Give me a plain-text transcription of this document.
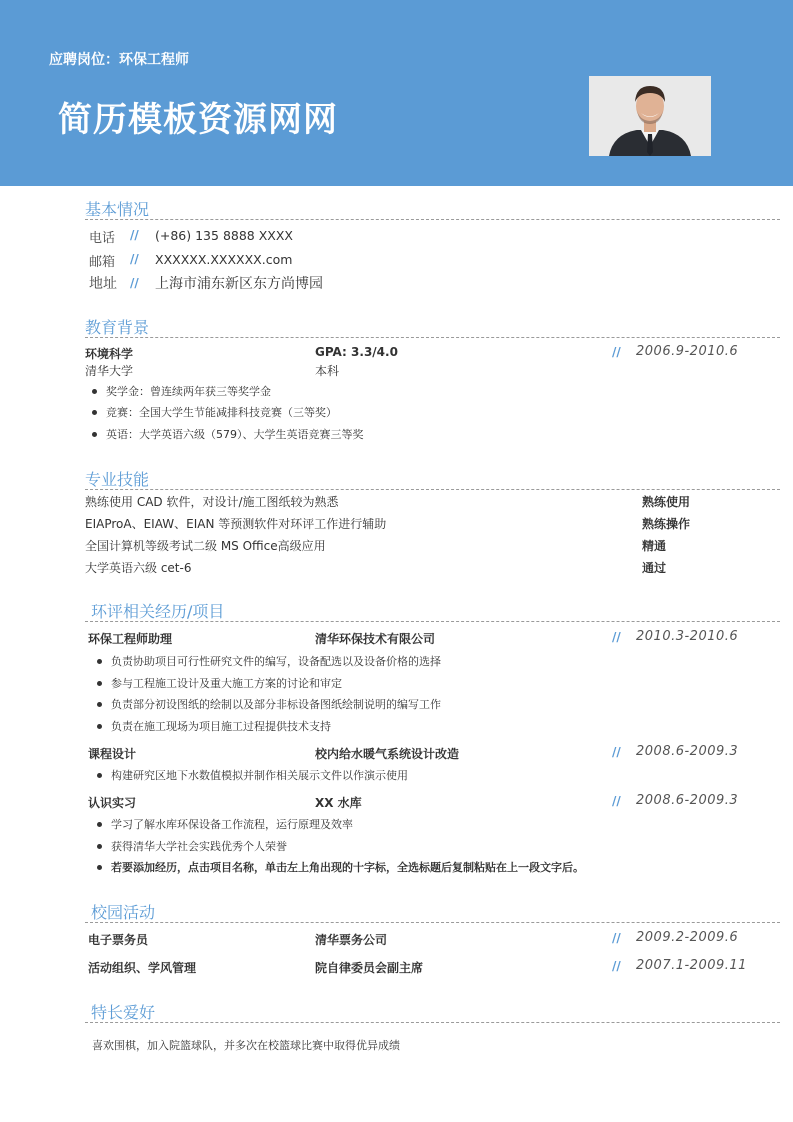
应聘岗位：环保工程师
简历模板资源网网
基本情况
电话 // (+86) 135 8888 XXXX
邮箱 // XXXXXX.XXXXXX.com
地址 // 上海市浦东新区东方尚博园
教育背景
环境科学	GPA: 3.3/4.0	// 2006.9-2010.6
清华大学	本科
奖学金：曾连续两年获三等奖学金
竞赛：全国大学生节能减排科技竞赛（三等奖）
英语：大学英语六级（579）、大学生英语竞赛三等奖
专业技能
熟练使用 CAD 软件，对设计/施工图纸较为熟悉	熟练使用
EIAProA、EIAW、EIAN 等预测软件对环评工作进行辅助	熟练操作
全国计算机等级考试二级 MS Office高级应用	精通
大学英语六级 cet-6	通过
环评相关经历/项目
环保工程师助理	清华环保技术有限公司	// 2010.3-2010.6
负责协助项目可行性研究文件的编写，设备配选以及设备价格的选择
参与工程施工设计及重大施工方案的讨论和审定
负责部分初设图纸的绘制以及部分非标设备图纸绘制说明的编写工作
负责在施工现场为项目施工过程提供技术支持
课程设计	校内给水暖气系统设计改造	// 2008.6-2009.3
构建研究区地下水数值模拟并制作相关展示文件以作演示使用
认识实习	XX 水库	// 2008.6-2009.3
学习了解水库环保设备工作流程，运行原理及效率
获得清华大学社会实践优秀个人荣誉
若要添加经历，点击项目名称，单击左上角出现的十字标，全选标题后复制粘贴在上一段文字后。
校园活动
电子票务员	清华票务公司	// 2009.2-2009.6
活动组织、学风管理	院自律委员会副主席	// 2007.1-2009.11
特长爱好
喜欢围棋，加入院篮球队，并多次在校篮球比赛中取得优异成绩
